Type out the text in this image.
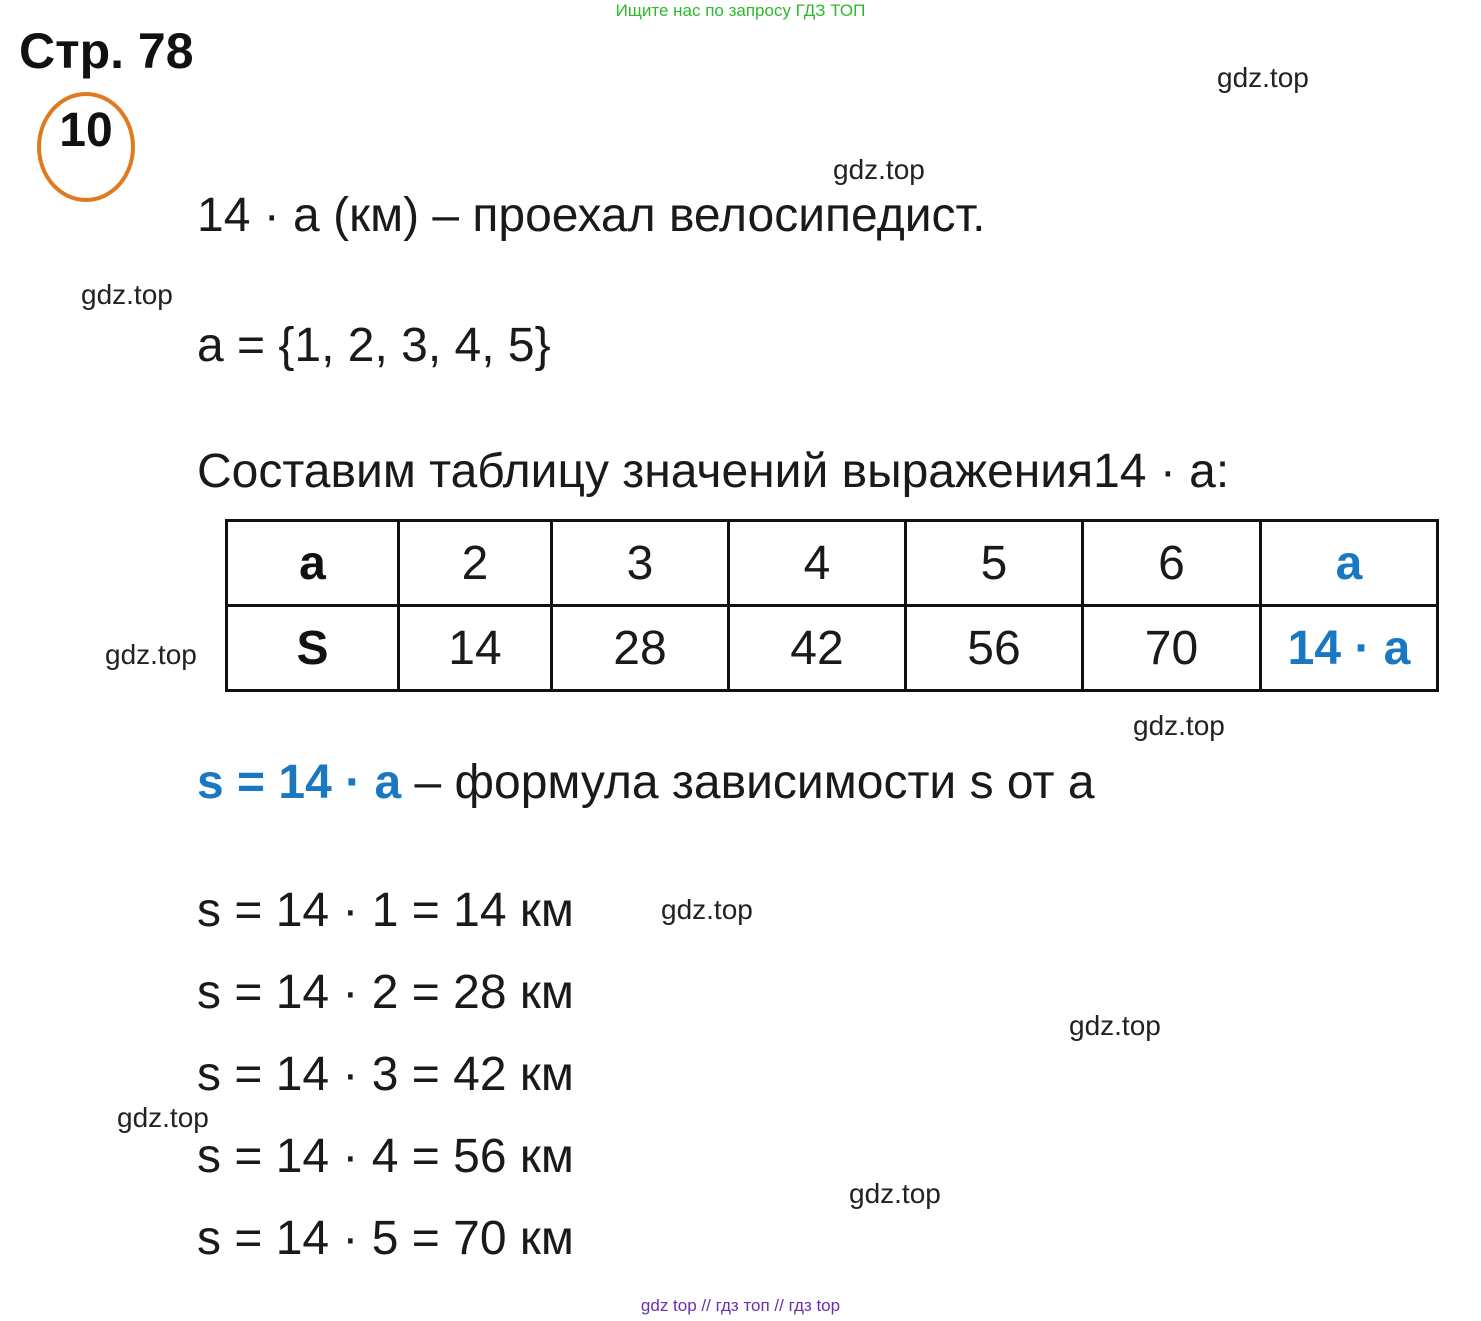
Ищите нас по запросу ГДЗ ТОП
Стр. 78
10
gdz.top
gdz.top
gdz.top
gdz.top
gdz.top
gdz.top
gdz.top
gdz.top
gdz.top
14 · a (км) – проехал велосипедист.
a = {1, 2, 3, 4, 5}
Составим таблицу значений выражения14 · a:
a	2	3	4	5	6	a
S	14	28	42	56	70	14 · a
s = 14 · a – формула зависимости s от a
s = 14 · 1 = 14 км
s = 14 · 2 = 28 км
s = 14 · 3 = 42 км
s = 14 · 4 = 56 км
s = 14 · 5 = 70 км
gdz top // гдз топ // гдз top
